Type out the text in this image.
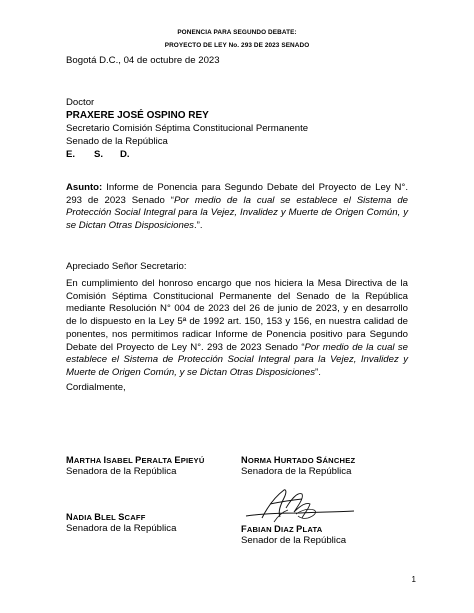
PONENCIA PARA SEGUNDO DEBATE:
PROYECTO DE LEY No. 293 DE 2023 SENADO
Bogotá D.C., 04 de octubre de 2023
Doctor
PRAXERE JOSÉ OSPINO REY
Secretario Comisión Séptima Constitucional Permanente
Senado de la República
E. S. D.
Asunto: Informe de Ponencia para Segundo Debate del Proyecto de Ley N°. 293 de 2023 Senado “Por medio de la cual se establece el Sistema de Protección Social Integral para la Vejez, Invalidez y Muerte de Origen Común, y se Dictan Otras Disposiciones.”.
Apreciado Señor Secretario:
En cumplimiento del honroso encargo que nos hiciera la Mesa Directiva de la Comisión Séptima Constitucional Permanente del Senado de la República mediante Resolución N° 004 de 2023 del 26 de junio de 2023, y en desarrollo de lo dispuesto en la Ley 5ª de 1992 art. 150, 153 y 156, en nuestra calidad de ponentes, nos permitimos radicar Informe de Ponencia positivo para Segundo Debate del Proyecto de Ley N°. 293 de 2023 Senado “Por medio de la cual se establece el Sistema de Protección Social Integral para la Vejez, Invalidez y Muerte de Origen Común, y se Dictan Otras Disposiciones”.
Cordialmente,
MARTHA ISABEL PERALTA EPIEYÚ
Senadora de la República
NORMA HURTADO SÁNCHEZ
Senadora de la República
NADIA BLEL SCAFF
Senadora de la República	FABIAN DIAZ PLATA
Senador de la República
1
